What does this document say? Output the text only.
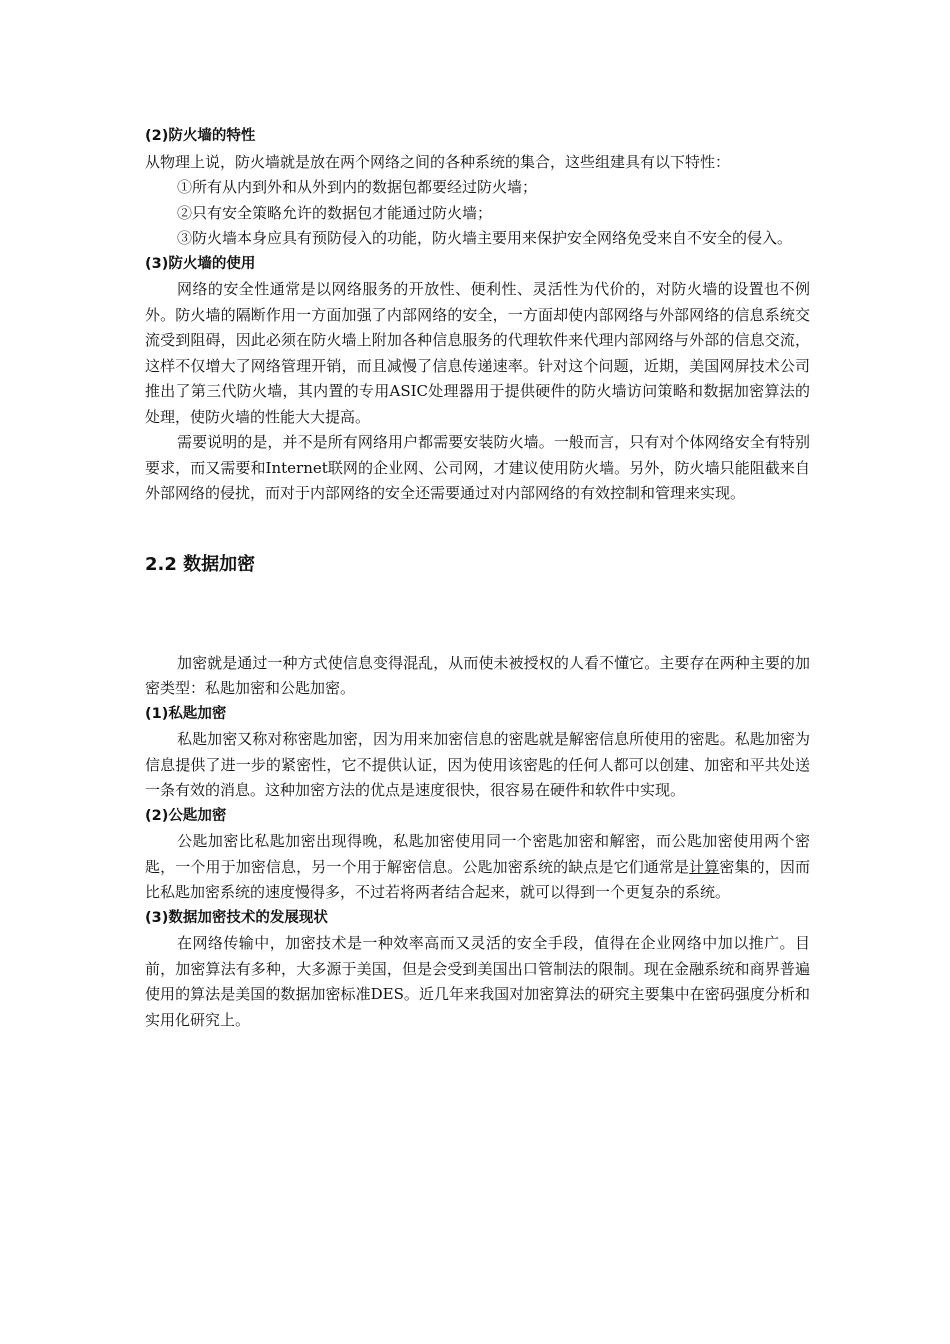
(2)防火墙的特性

从物理上说，防火墙就是放在两个网络之间的各种系统的集合，这些组建具有以下特性：

①所有从内到外和从外到内的数据包都要经过防火墙；

②只有安全策略允许的数据包才能通过防火墙；

③防火墙本身应具有预防侵入的功能，防火墙主要用来保护安全网络免受来自不安全的侵入。

(3)防火墙的使用

网络的安全性通常是以网络服务的开放性、便利性、灵活性为代价的，对防火墙的设置也不例外。防火墙的隔断作用一方面加强了内部网络的安全，一方面却使内部网络与外部网络的信息系统交流受到阻碍，因此必须在防火墙上附加各种信息服务的代理软件来代理内部网络与外部的信息交流，这样不仅增大了网络管理开销，而且减慢了信息传递速率。针对这个问题，近期，美国网屏技术公司推出了第三代防火墙，其内置的专用ASIC处理器用于提供硬件的防火墙访问策略和数据加密算法的处理，使防火墙的性能大大提高。

需要说明的是，并不是所有网络用户都需要安装防火墙。一般而言，只有对个体网络安全有特别要求，而又需要和Internet联网的企业网、公司网，才建议使用防火墙。另外，防火墙只能阻截来自外部网络的侵扰，而对于内部网络的安全还需要通过对内部网络的有效控制和管理来实现。

2.2 数据加密

加密就是通过一种方式使信息变得混乱，从而使未被授权的人看不懂它。主要存在两种主要的加密类型：私匙加密和公匙加密。

(1)私匙加密

私匙加密又称对称密匙加密，因为用来加密信息的密匙就是解密信息所使用的密匙。私匙加密为信息提供了进一步的紧密性，它不提供认证，因为使用该密匙的任何人都可以创建、加密和平共处送一条有效的消息。这种加密方法的优点是速度很快，很容易在硬件和软件中实现。

(2)公匙加密

公匙加密比私匙加密出现得晚，私匙加密使用同一个密匙加密和解密，而公匙加密使用两个密匙，一个用于加密信息，另一个用于解密信息。公匙加密系统的缺点是它们通常是计算密集的，因而比私匙加密系统的速度慢得多，不过若将两者结合起来，就可以得到一个更复杂的系统。

(3)数据加密技术的发展现状

在网络传输中，加密技术是一种效率高而又灵活的安全手段，值得在企业网络中加以推广。目前，加密算法有多种，大多源于美国，但是会受到美国出口管制法的限制。现在金融系统和商界普遍使用的算法是美国的数据加密标准DES。近几年来我国对加密算法的研究主要集中在密码强度分析和实用化研究上。
